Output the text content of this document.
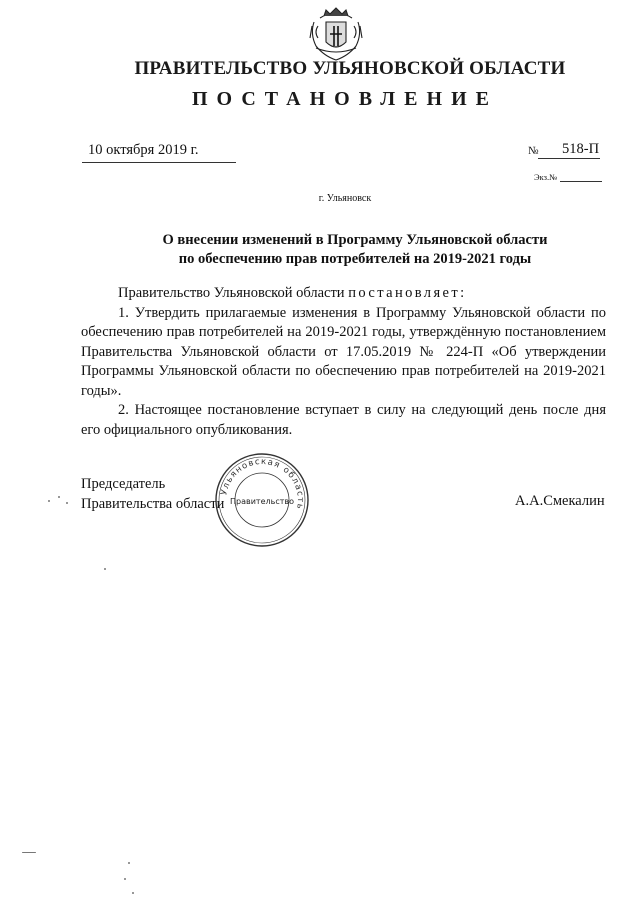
ПРАВИТЕЛЬСТВО УЛЬЯНОВСКОЙ ОБЛАСТИ
ПОСТАНОВЛЕНИЕ
10 октября 2019 г.	№ 518-П
Экз.№
г. Ульяновск
О внесении изменений в Программу Ульяновской области
по обеспечению прав потребителей на 2019-2021 годы

Правительство Ульяновской области постановляет:

1. Утвердить прилагаемые изменения в Программу Ульяновской области по обеспечению прав потребителей на 2019-2021 годы, утверждённую постановлением Правительства Ульяновской области от 17.05.2019 № 224-П «Об утверждении Программы Ульяновской области по обеспечению прав потребителей на 2019-2021 годы».

2. Настоящее постановление вступает в силу на следующий день после дня его официального опубликования.

Председатель
Правительства области
Ульяновская область
Правительство	А.А.Смекалин
